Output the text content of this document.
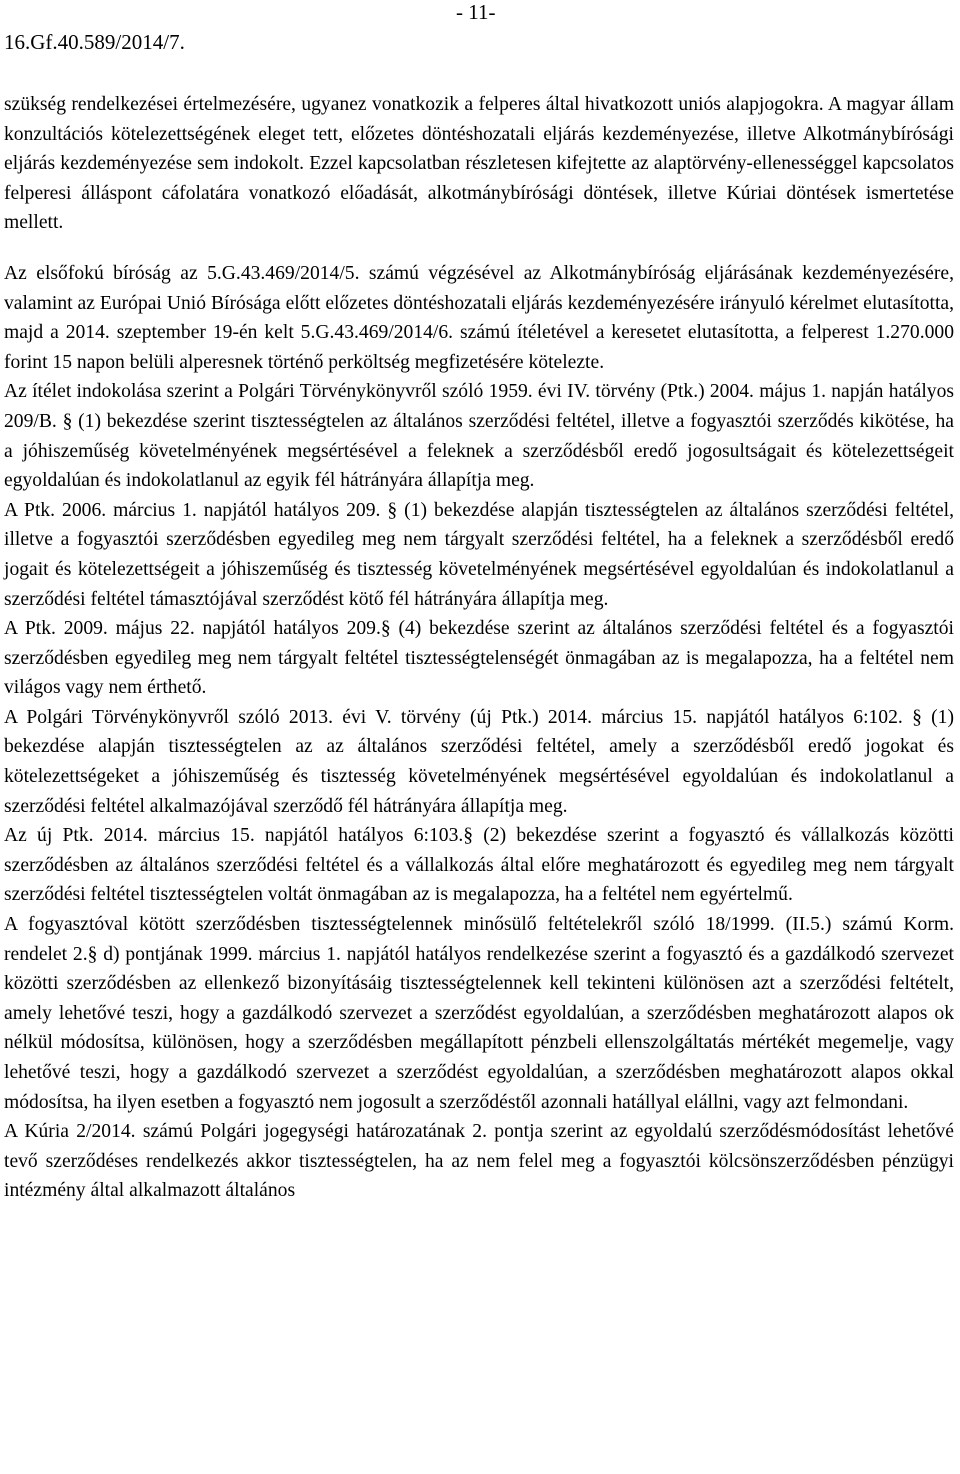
- 11-
16.Gf.40.589/2014/7.

szükség rendelkezései értelmezésére, ugyanez vonatkozik a felperes által hivatkozott uniós alapjogokra. A magyar állam konzultációs kötelezettségének eleget tett, előzetes döntéshozatali eljárás kezdeményezése, illetve Alkotmánybírósági eljárás kezdeményezése sem indokolt. Ezzel kapcsolatban részletesen kifejtette az alaptörvény-ellenességgel kapcsolatos felperesi álláspont cáfolatára vonatkozó előadását, alkotmánybírósági döntések, illetve Kúriai döntések ismertetése mellett.

Az elsőfokú bíróság az 5.G.43.469/2014/5. számú végzésével az Alkotmánybíróság eljárásának kezdeményezésére, valamint az Európai Unió Bírósága előtt előzetes döntéshozatali eljárás kezdeményezésére irányuló kérelmet elutasította, majd a 2014. szeptember 19-én kelt 5.G.43.469/2014/6. számú ítéletével a keresetet elutasította, a felperest 1.270.000 forint 15 napon belüli alperesnek történő perköltség megfizetésére kötelezte.

Az ítélet indokolása szerint a Polgári Törvénykönyvről szóló 1959. évi IV. törvény (Ptk.) 2004. május 1. napján hatályos 209/B. § (1) bekezdése szerint tisztességtelen az általános szerződési feltétel, illetve a fogyasztói szerződés kikötése, ha a jóhiszeműség követelményének megsértésével a feleknek a szerződésből eredő jogosultságait és kötelezettségeit egyoldalúan és indokolatlanul az egyik fél hátrányára állapítja meg.

A Ptk. 2006. március 1. napjától hatályos 209. § (1) bekezdése alapján tisztességtelen az általános szerződési feltétel, illetve a fogyasztói szerződésben egyedileg meg nem tárgyalt szerződési feltétel, ha a feleknek a szerződésből eredő jogait és kötelezettségeit a jóhiszeműség és tisztesség követelményének megsértésével egyoldalúan és indokolatlanul a szerződési feltétel támasztójával szerződést kötő fél hátrányára állapítja meg.

A Ptk. 2009. május 22. napjától hatályos 209.§ (4) bekezdése szerint az általános szerződési feltétel és a fogyasztói szerződésben egyedileg meg nem tárgyalt feltétel tisztességtelenségét önmagában az is megalapozza, ha a feltétel nem világos vagy nem érthető.

A Polgári Törvénykönyvről szóló 2013. évi V. törvény (új Ptk.) 2014. március 15. napjától hatályos 6:102. § (1) bekezdése alapján tisztességtelen az az általános szerződési feltétel, amely a szerződésből eredő jogokat és kötelezettségeket a jóhiszeműség és tisztesség követelményének megsértésével egyoldalúan és indokolatlanul a szerződési feltétel alkalmazójával szerződő fél hátrányára állapítja meg.

Az új Ptk. 2014. március 15. napjától hatályos 6:103.§ (2) bekezdése szerint a fogyasztó és vállalkozás közötti szerződésben az általános szerződési feltétel és a vállalkozás által előre meghatározott és egyedileg meg nem tárgyalt szerződési feltétel tisztességtelen voltát önmagában az is megalapozza, ha a feltétel nem egyértelmű.

A fogyasztóval kötött szerződésben tisztességtelennek minősülő feltételekről szóló 18/1999. (II.5.) számú Korm. rendelet 2.§ d) pontjának 1999. március 1. napjától hatályos rendelkezése szerint a fogyasztó és a gazdálkodó szervezet közötti szerződésben az ellenkező bizonyításáig tisztességtelennek kell tekinteni különösen azt a szerződési feltételt, amely lehetővé teszi, hogy a gazdálkodó szervezet a szerződést egyoldalúan, a szerződésben meghatározott alapos ok nélkül módosítsa, különösen, hogy a szerződésben megállapított pénzbeli ellenszolgáltatás mértékét megemelje, vagy lehetővé teszi, hogy a gazdálkodó szervezet a szerződést egyoldalúan, a szerződésben meghatározott alapos okkal módosítsa, ha ilyen esetben a fogyasztó nem jogosult a szerződéstől azonnali hatállyal elállni, vagy azt felmondani.

A Kúria 2/2014. számú Polgári jogegységi határozatának 2. pontja szerint az egyoldalú szerződésmódosítást lehetővé tevő szerződéses rendelkezés akkor tisztességtelen, ha az nem felel meg a fogyasztói kölcsönszerződésben pénzügyi intézmény által alkalmazott általános
